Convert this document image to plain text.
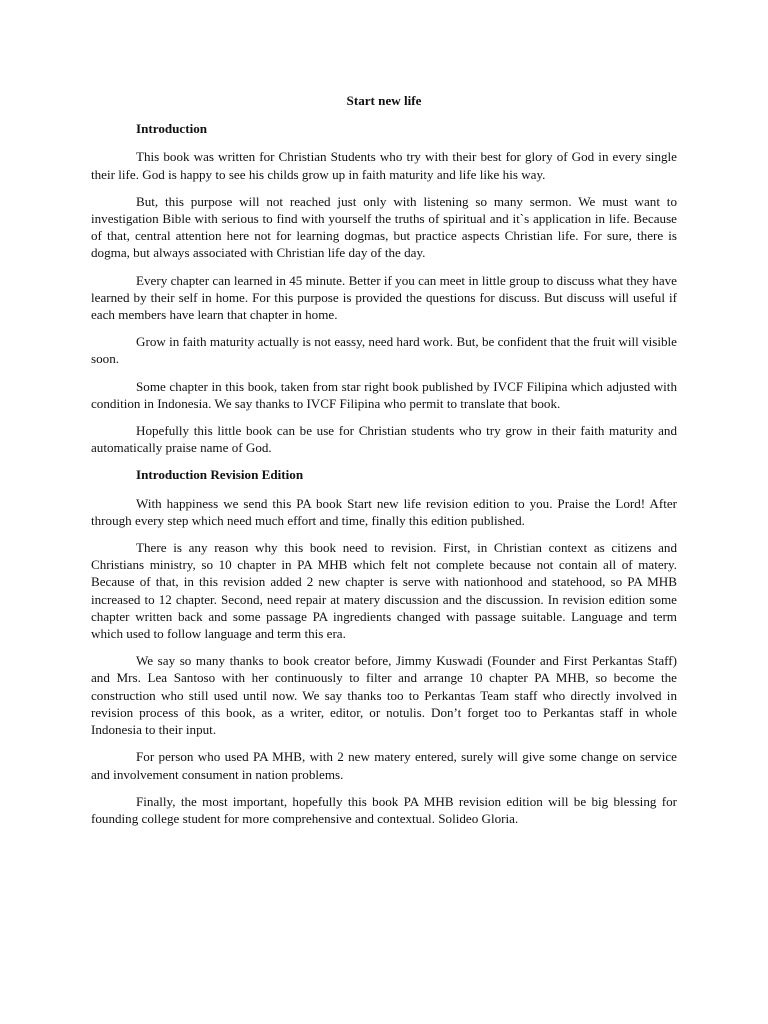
Start new life
Introduction

This book was written for Christian Students who try with their best for glory of God in every single their life. God is happy to see his childs grow up in faith maturity and life like his way.

But, this purpose will not reached just only with listening so many sermon. We must want to investigation Bible with serious to find with yourself the truths of spiritual and it`s application in life. Because of that, central attention here not for learning dogmas, but practice aspects Christian life. For sure, there is dogma, but always associated with Christian life day of the day.

Every chapter can learned in 45 minute. Better if you can meet in little group to discuss what they have learned by their self in home. For this purpose is provided the questions for discuss. But discuss will useful if each members have learn that chapter in home.

Grow in faith maturity actually is not eassy, need hard work. But, be confident that the fruit will visible soon.

Some chapter in this book, taken from star right book published by IVCF Filipina which adjusted with condition in Indonesia. We say thanks to IVCF Filipina who permit to translate that book.

Hopefully this little book can be use for Christian students who try grow in their faith maturity and automatically praise name of God.

Introduction Revision Edition

With happiness we send this PA book Start new life revision edition to you. Praise the Lord! After through every step which need much effort and time, finally this edition published.

There is any reason why this book need to revision. First, in Christian context as citizens and Christians ministry, so 10 chapter in PA MHB which felt not complete because not contain all of matery. Because of that, in this revision added 2 new chapter is serve with nationhood and statehood, so PA MHB increased to 12 chapter. Second, need repair at matery discussion and the discussion. In revision edition some chapter written back and some passage PA ingredients changed with passage suitable. Language and term which used to follow language and term this era.

We say so many thanks to book creator before, Jimmy Kuswadi (Founder and First Perkantas Staff) and Mrs. Lea Santoso with her continuously to filter and arrange 10 chapter PA MHB, so become the construction who still used until now. We say thanks too to Perkantas Team staff who directly involved in revision process of this book, as a writer, editor, or notulis. Don’t forget too to Perkantas staff in whole Indonesia to their input.

For person who used PA MHB, with 2 new matery entered, surely will give some change on service and involvement consument in nation problems.

Finally, the most important, hopefully this book PA MHB revision edition will be big blessing for founding college student for more comprehensive and contextual. Solideo Gloria.
